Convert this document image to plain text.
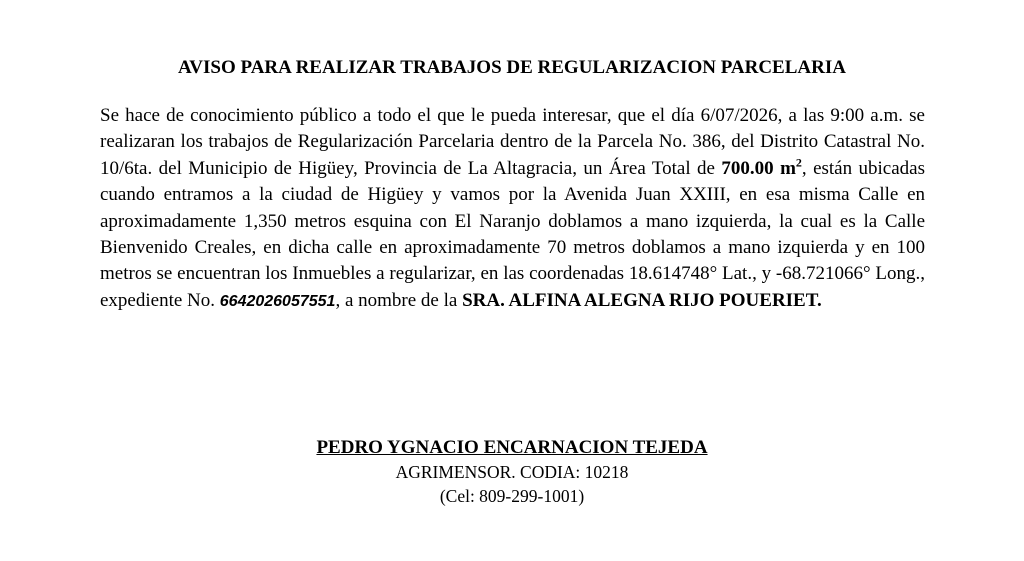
AVISO PARA REALIZAR TRABAJOS DE REGULARIZACION PARCELARIA

Se hace de conocimiento público a todo el que le pueda interesar, que el día 6/07/2026, a las 9:00 a.m. se realizaran los trabajos de Regularización Parcelaria dentro de la Parcela No. 386, del Distrito Catastral No. 10/6ta. del Municipio de Higüey, Provincia de La Altagracia, un Área Total de 700.00 $m^2$, están ubicadas cuando entramos a la ciudad de Higüey y vamos por la Avenida Juan XXIII, en esa misma Calle en aproximadamente 1,350 metros esquina con El Naranjo doblamos a mano izquierda, la cual es la Calle Bienvenido Creales, en dicha calle en aproximadamente 70 metros doblamos a mano izquierda y en 100 metros se encuentran los Inmuebles a regularizar, en las coordenadas 18.614748° Lat., y -68.721066° Long., expediente No. 6642026057551, a nombre de la SRA. ALFINA ALEGNA RIJO POUERIET.

PEDRO YGNACIO ENCARNACION TEJEDA
AGRIMENSOR. CODIA: 10218
(Cel: 809-299-1001)
